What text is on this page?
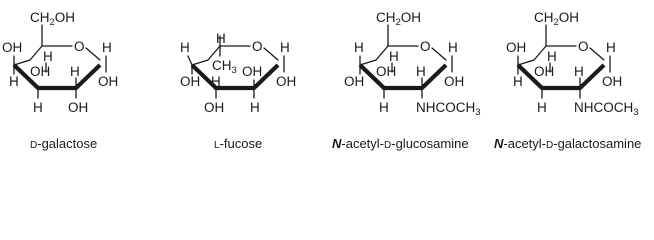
$CH_2OH$
O
OH
H
H
OH
H
H
OH
H
OH
O
$CH_3$
H
H
OH H
OH
OH
H
H
OH
$CH_2OH$
O
H
H
OH
OH
H
H
$NHCOCH_3$
H
OH
$CH_2OH$
O
H
OH
H
OH
H
H
$NHCOCH_3$
H
OH
D-galactose	L-fucose	N-acetyl-D-glucosamine N-acetyl-D-galactosamine
